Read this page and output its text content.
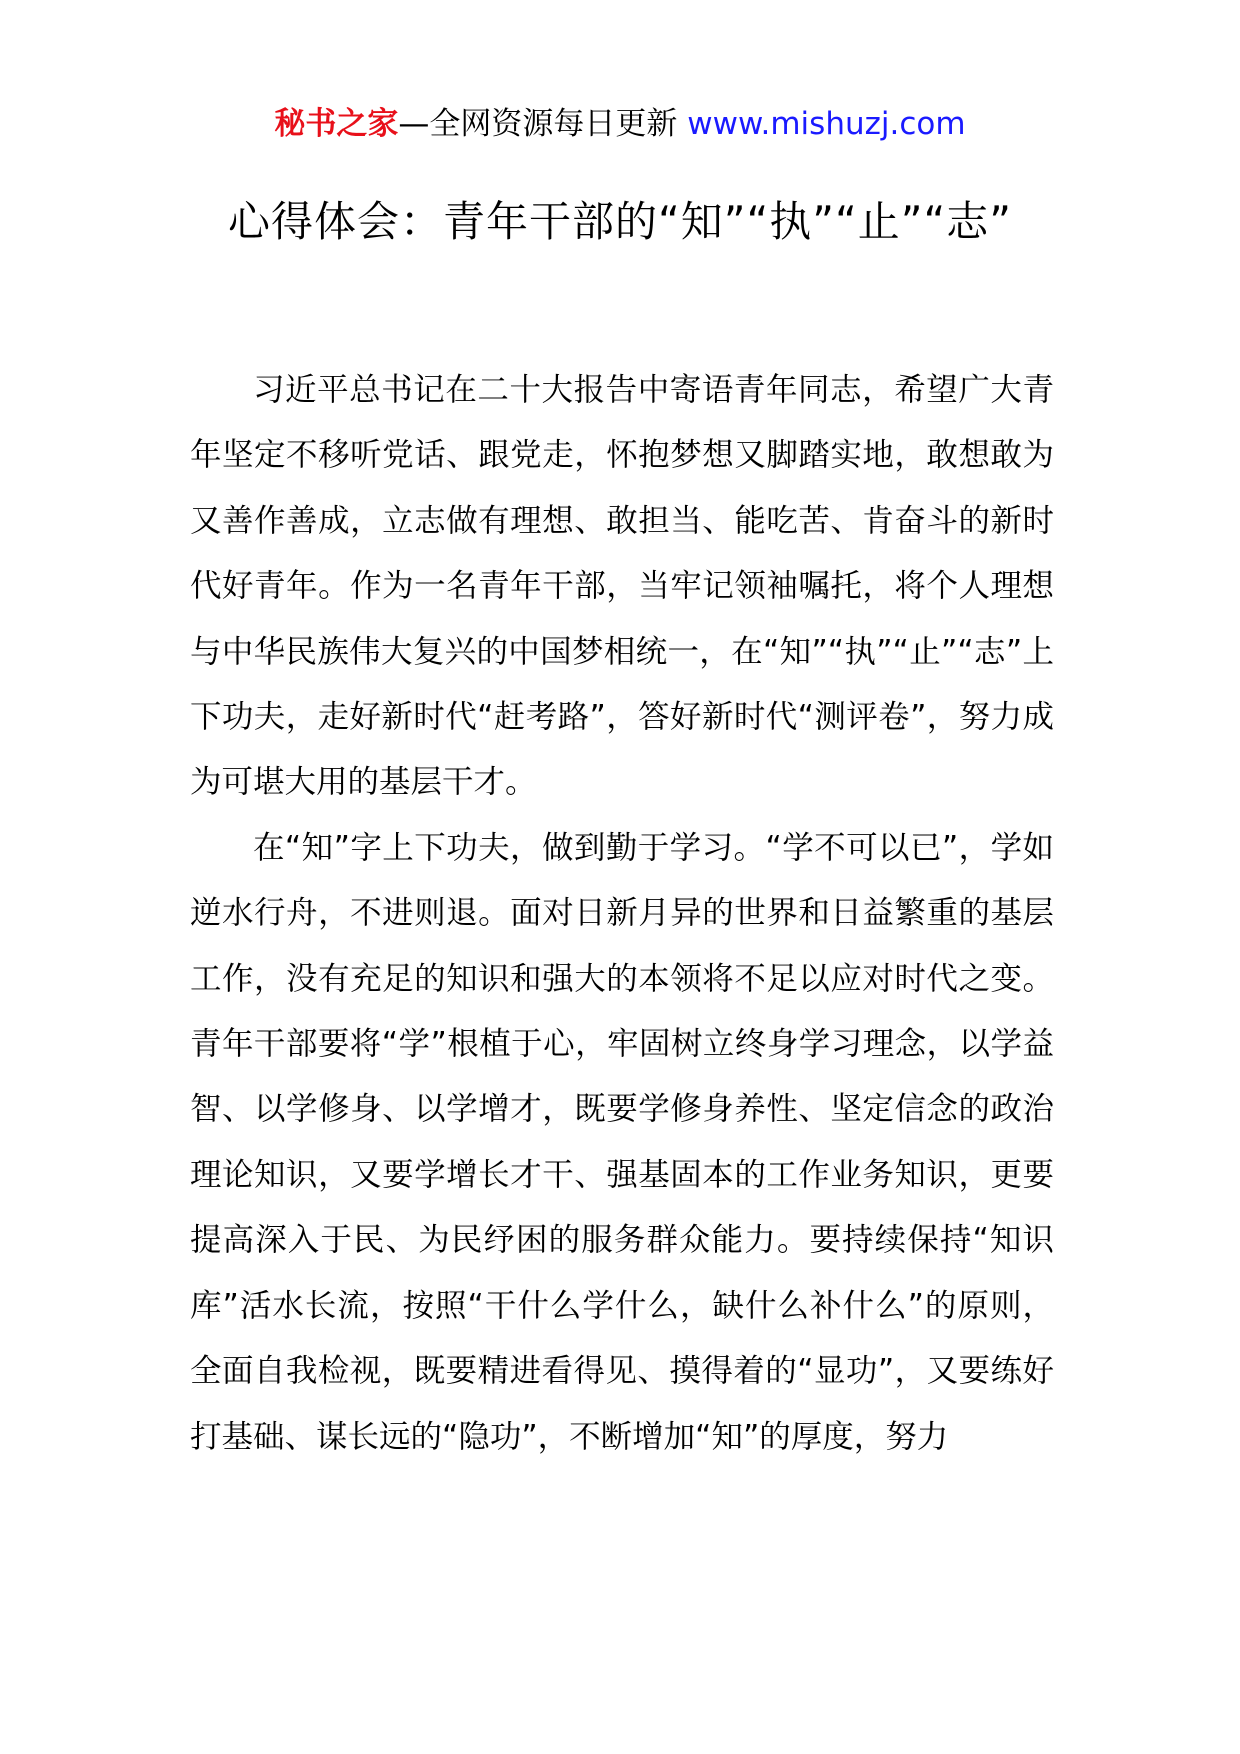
秘书之家—全网资源每日更新 www.mishuzj.com
心得体会：青年干部的“知”“执”“止”“志”

习近平总书记在二十大报告中寄语青年同志，希望广大青年坚定不移听党话、跟党走，怀抱梦想又脚踏实地，敢想敢为又善作善成，立志做有理想、敢担当、能吃苦、肯奋斗的新时代好青年。作为一名青年干部，当牢记领袖嘱托，将个人理想与中华民族伟大复兴的中国梦相统一，在“知”“执”“止”“志”上下功夫，走好新时代“赶考路”，答好新时代“测评卷”，努力成为可堪大用的基层干才。

在“知”字上下功夫，做到勤于学习。“学不可以已”，学如逆水行舟，不进则退。面对日新月异的世界和日益繁重的基层工作，没有充足的知识和强大的本领将不足以应对时代之变。青年干部要将“学”根植于心，牢固树立终身学习理念，以学益智、以学修身、以学增才，既要学修身养性、坚定信念的政治理论知识，又要学增长才干、强基固本的工作业务知识，更要提高深入于民、为民纾困的服务群众能力。要持续保持“知识库”活水长流，按照“干什么学什么，缺什么补什么”的原则，全面自我检视，既要精进看得见、摸得着的“显功”，又要练好打基础、谋长远的“隐功”，不断增加“知”的厚度，努力
